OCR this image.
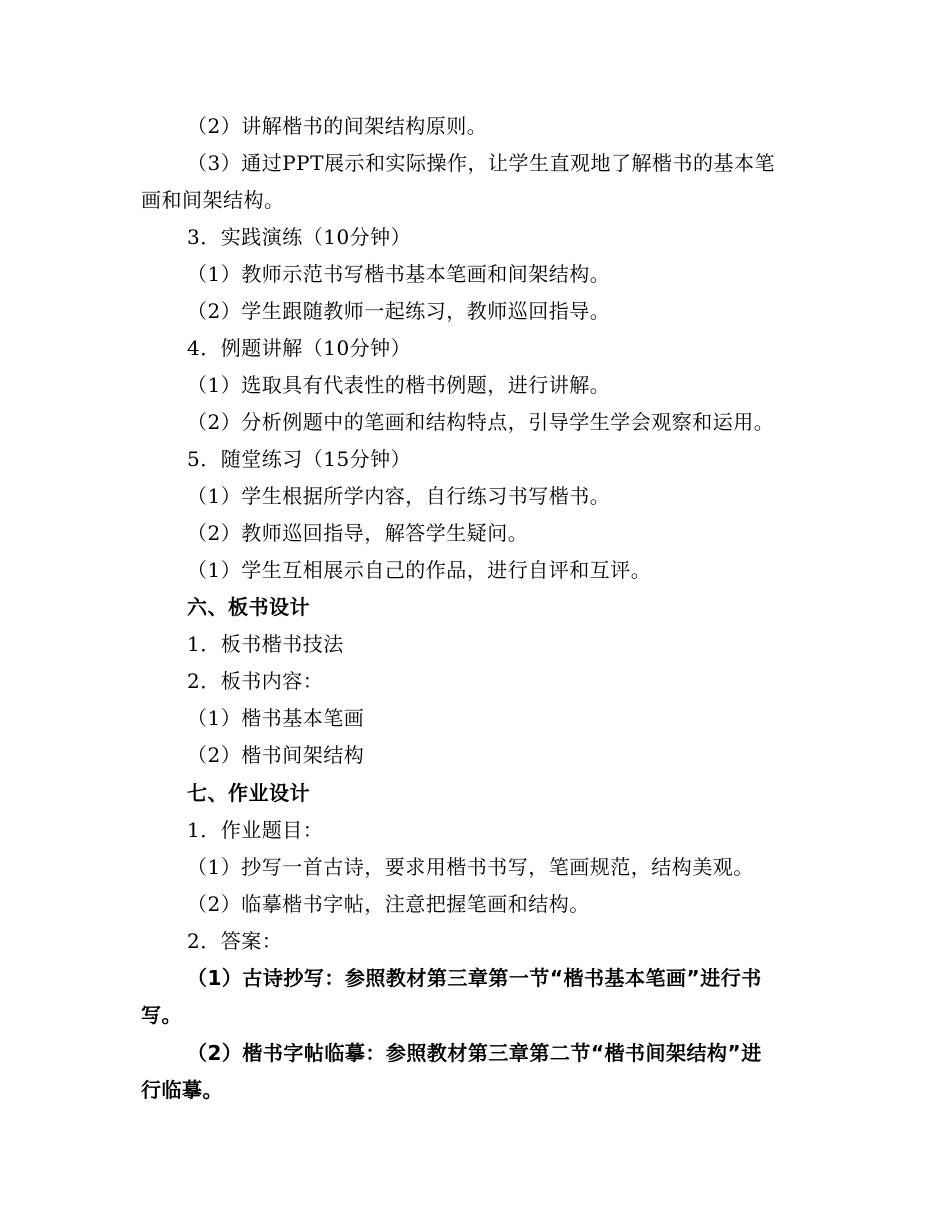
（2）讲解楷书的间架结构原则。
（3）通过PPT展示和实际操作，让学生直观地了解楷书的基本笔
画和间架结构。
3．实践演练（10分钟）
（1）教师示范书写楷书基本笔画和间架结构。
（2）学生跟随教师一起练习，教师巡回指导。
4．例题讲解（10分钟）
（1）选取具有代表性的楷书例题，进行讲解。
（2）分析例题中的笔画和结构特点，引导学生学会观察和运用。
5．随堂练习（15分钟）
（1）学生根据所学内容，自行练习书写楷书。
（2）教师巡回指导，解答学生疑问。
（1）学生互相展示自己的作品，进行自评和互评。
六、板书设计
1．板书楷书技法
2．板书内容：
（1）楷书基本笔画
（2）楷书间架结构
七、作业设计
1．作业题目：
（1）抄写一首古诗，要求用楷书书写，笔画规范，结构美观。
（2）临摹楷书字帖，注意把握笔画和结构。
2．答案：
（1）古诗抄写：参照教材第三章第一节“楷书基本笔画”进行书
写。
（2）楷书字帖临摹：参照教材第三章第二节“楷书间架结构”进
行临摹。
